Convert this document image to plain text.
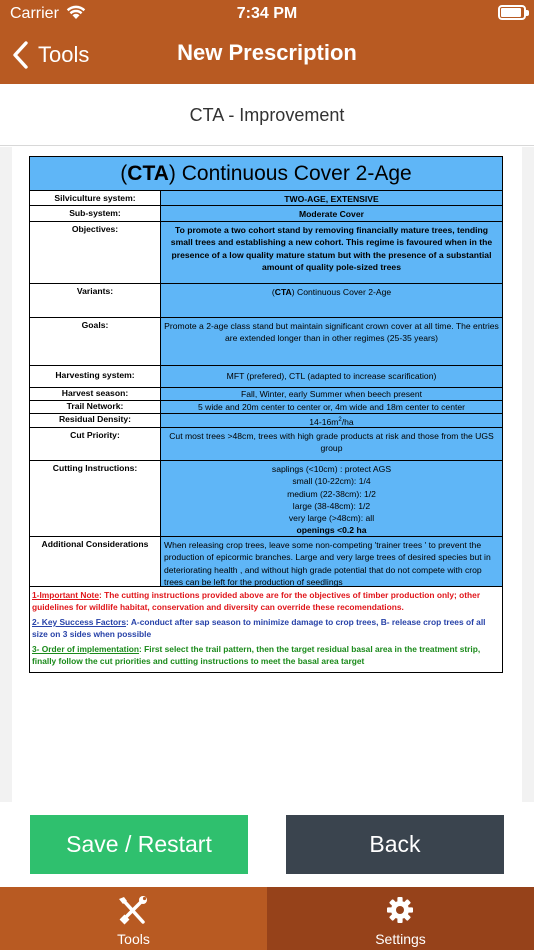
Carrier	7:34 PM
Tools	New Prescription
CTA - Improvement
(CTA) Continuous Cover 2-Age
Silviculture system:	TWO-AGE, EXTENSIVE
Sub-system:	Moderate Cover
Objectives:	To promote a two cohort stand by removing financially mature trees, tending small trees and establishing a new cohort. This regime is favoured when in the presence of a low quality mature statum but with the presence of a substantial amount of quality pole-sized trees
Variants:	(CTA) Continuous Cover 2-Age
Goals:	Promote a 2-age class stand but maintain significant crown cover at all time. The entries are extended longer than in other regimes (25-35 years)
Harvesting system:	MFT (prefered), CTL (adapted to increase scarification)
Harvest season:	Fall, Winter, early Summer when beech present
Trail Network:	5 wide and 20m center to center or, 4m wide and 18m center to center
Residual Density:	$14-16m^2/ha$
Cut Priority:	Cut most trees >48cm, trees with high grade products at risk and those from the UGS group
Cutting Instructions:	saplings (<10cm) : protect AGS
small (10-22cm): 1/4
medium (22-38cm): 1/2
large (38-48cm): 1/2
very large (>48cm): all
openings <0.2 ha
Additional Considerations	When releasing crop trees, leave some non-competing 'trainer trees ' to prevent the production of epicormic branches. Large and very large trees of desired species but in deteriorating health , and without high grade potential that do not compete with crop trees can be left for the production of seedlings

1-Important Note: The cutting instructions provided above are for the objectives of timber production only; other guidelines for wildlife habitat, conservation and diversity can override these recomendations.

2- Key Success Factors: A-conduct after sap season to minimize damage to crop trees, B- release crop trees of all size on 3 sides when possible

3- Order of implementation: First select the trail pattern, then the target residual basal area in the treatment strip, finally follow the cut priorities and cutting instructions to meet the basal area target

Save / Restart	Back
Tools	Settings
